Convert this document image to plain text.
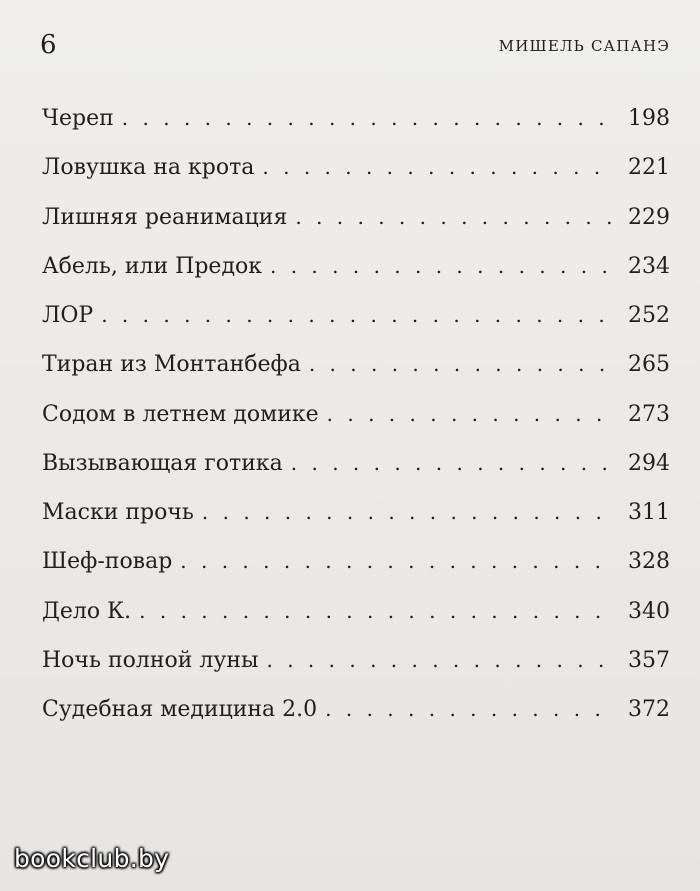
6	МИШЕЛЬ САПАНЭ
Череп . . .	198
Ловушка на крота . . .	221
Лишняя реанимация . . .	229
Абель, или Предок . . .	234
ЛОР . . .	252
Тиран из Монтанбефа . . .	265
Содом в летнем домике . . .	273
Вызывающая готика . . .	294
Маски прочь . . .	311
Шеф-повар . . .	328
Дело К. . . .	340
Ночь полной луны . . .	357
Судебная медицина 2.0 . . .	372
bookclub.by
